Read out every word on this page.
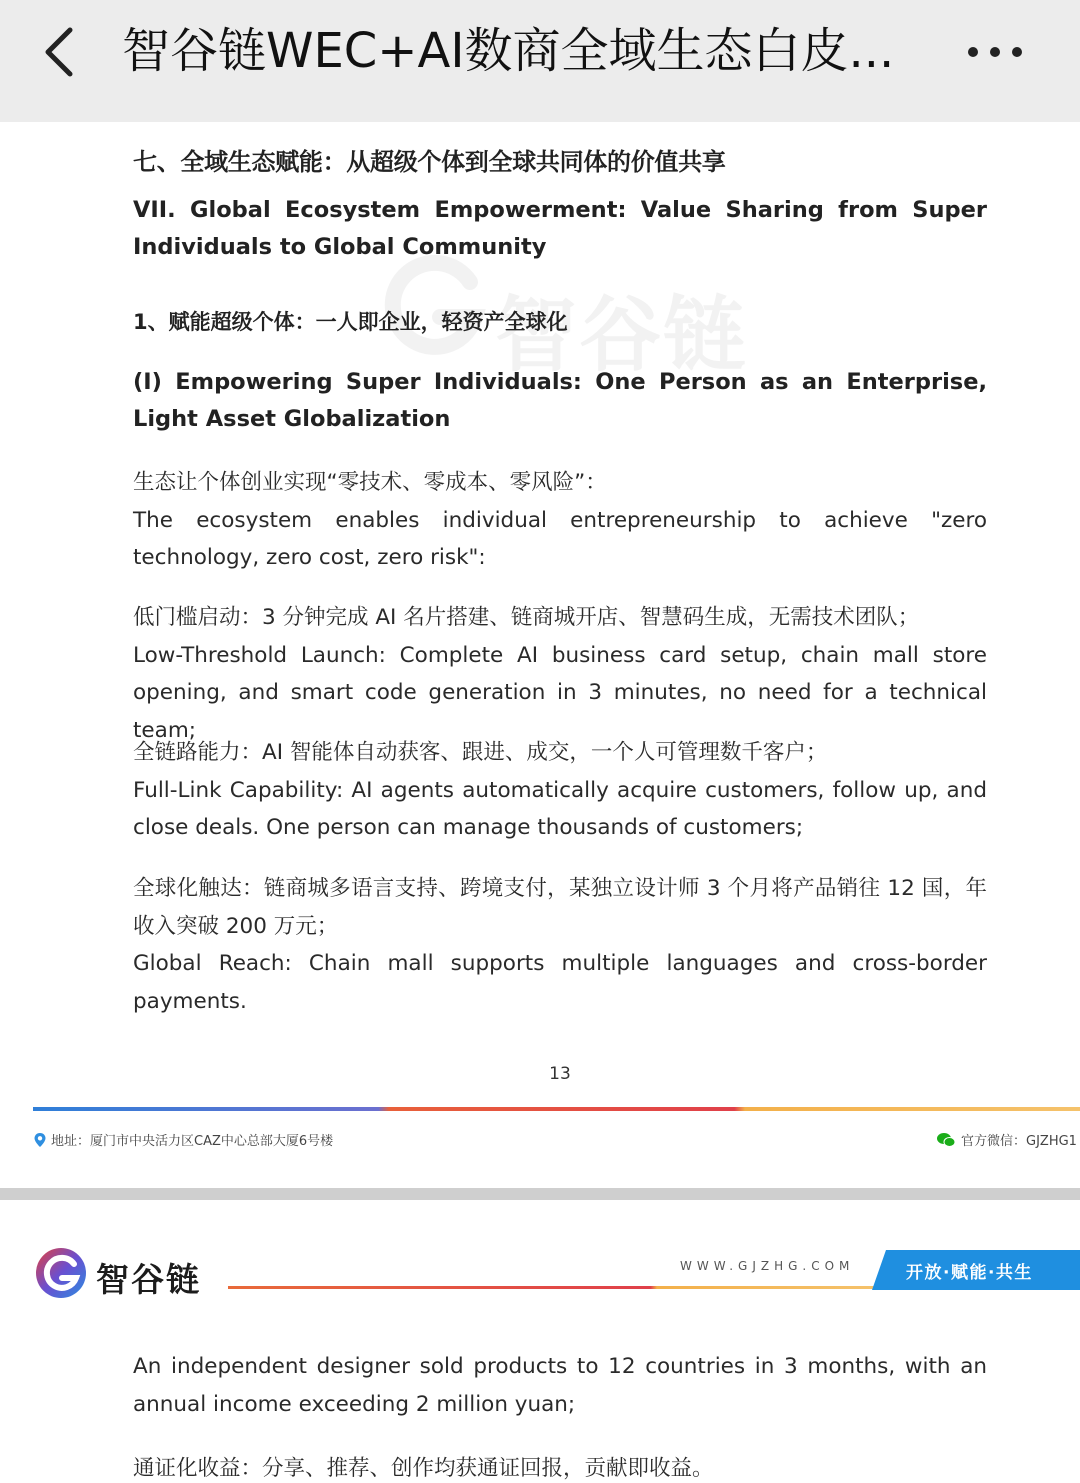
智谷链WEC+AI数商全域生态白皮...
智谷链
七、全域生态赋能：从超级个体到全球共同体的价值共享
VII. Global Ecosystem Empowerment: Value Sharing from Super Individuals to Global Community
1、赋能超级个体：一人即企业，轻资产全球化
(I) Empowering Super Individuals: One Person as an Enterprise, Light Asset Globalization
生态让个体创业实现“零技术、零成本、零风险”：
The ecosystem enables individual entrepreneurship to achieve "zero technology, zero cost, zero risk":
低门槛启动：3 分钟完成 AI 名片搭建、链商城开店、智慧码生成，无需技术团队；
Low-Threshold Launch: Complete AI business card setup, chain mall store opening, and smart code generation in 3 minutes, no need for a technical team;
全链路能力：AI 智能体自动获客、跟进、成交，一个人可管理数千客户；
Full-Link Capability: AI agents automatically acquire customers, follow up, and close deals. One person can manage thousands of customers;
全球化触达：链商城多语言支持、跨境支付，某独立设计师 3 个月将产品销往 12 国，年收入突破 200 万元；
Global Reach: Chain mall supports multiple languages and cross-border payments.
13
地址：厦门市中央活力区CAZ中心总部大厦6号楼	官方微信：GJZHG1
智谷链	WWW.GJZHG.COM	开放·赋能·共生
An independent designer sold products to 12 countries in 3 months, with an annual income exceeding 2 million yuan;
通证化收益：分享、推荐、创作均获通证回报，贡献即收益。
